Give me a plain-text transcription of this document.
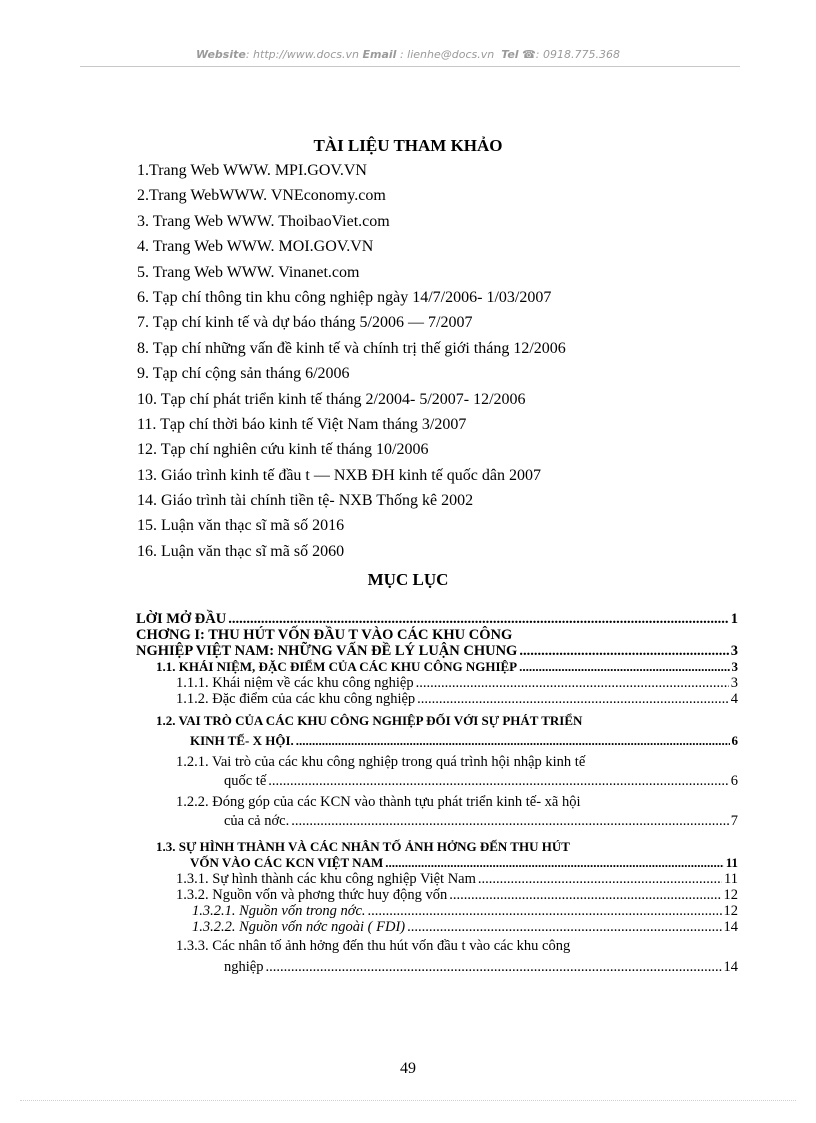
Website: http://www.docs.vn Email : lienhe@docs.vn Tel ☎: 0918.775.368
TÀI LIỆU THAM KHẢO
1.Trang Web WWW. MPI.GOV.VN
2.Trang WebWWW. VNEconomy.com
3. Trang Web WWW. ThoibaoViet.com
4. Trang Web WWW. MOI.GOV.VN
5. Trang Web WWW. Vinanet.com
6. Tạp chí thông tin khu công nghiệp ngày 14/7/2006- 1/03/2007
7. Tạp chí kinh tế và dự báo tháng 5/2006 — 7/2007
8. Tạp chí những vấn đề kinh tế và chính trị thế giới tháng 12/2006
9. Tạp chí cộng sản tháng 6/2006
10. Tạp chí phát triển kinh tế tháng 2/2004- 5/2007- 12/2006
11. Tạp chí thời báo kinh tế Việt Nam tháng 3/2007
12. Tạp chí nghiên cứu kinh tế tháng 10/2006
13. Giáo trình kinh tế đầu t — NXB ĐH kinh tế quốc dân 2007
14. Giáo trình tài chính tiền tệ- NXB Thống kê 2002
15. Luận văn thạc sĩ mã số 2016
16. Luận văn thạc sĩ mã số 2060
MỤC LỤC
LỜI MỞ ĐẦU .....	1
CHƠNG I: THU HÚT VỐN ĐẦU T VÀO CÁC KHU CÔNG
NGHIỆP VIỆT NAM: NHỮNG VẤN ĐỀ LÝ LUẬN CHUNG .....	3
1.1. KHÁI NIỆM, ĐẶC ĐIỂM CỦA CÁC KHU CÔNG NGHIỆP .....	3
1.1.1. Khái niệm về các khu công nghiệp .....	3
1.1.2. Đặc điểm của các khu công nghiệp .....	4
1.2. VAI TRÒ CỦA CÁC KHU CÔNG NGHIỆP ĐỐI VỚI SỰ PHÁT TRIỂN
KINH TẾ- X HỘI. .....	6
1.2.1. Vai trò của các khu công nghiệp trong quá trình hội nhập kinh tế
quốc tế .....	6
1.2.2. Đóng góp của các KCN vào thành tựu phát triển kinh tế- xã hội
của cả nớc. .....	7
1.3. SỰ HÌNH THÀNH VÀ CÁC NHÂN TỐ ẢNH HỞNG ĐẾN THU HÚT
VỐN VÀO CÁC KCN VIỆT NAM .....	11
1.3.1. Sự hình thành các khu công nghiệp Việt Nam .....	11
1.3.2. Nguồn vốn và phơng thức huy động vốn .....	12
1.3.2.1. Nguồn vốn trong nớc. .....	12
1.3.2.2. Nguồn vốn nớc ngoài ( FDI) .....	14
1.3.3. Các nhân tố ảnh hởng đến thu hút vốn đầu t vào các khu công
nghiệp .....	14
49
